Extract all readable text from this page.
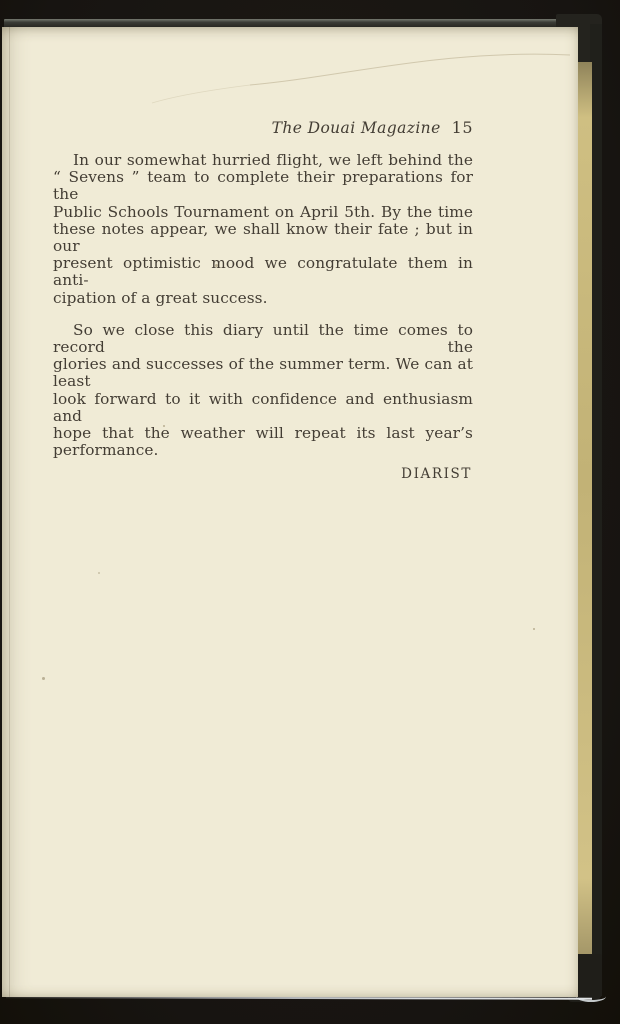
The Douai Magazine 15
In our somewhat hurried flight, we left behind the
“ Sevens ” team to complete their preparations for the
Public Schools Tournament on April 5th. By the time
these notes appear, we shall know their fate ; but in our
present optimistic mood we congratulate them in anti-
cipation of a great success.
So we close this diary until the time comes to record the
glories and successes of the summer term. We can at least
look forward to it with confidence and enthusiasm and
hope that the weather will repeat its last year’s performance.
DIARIST
